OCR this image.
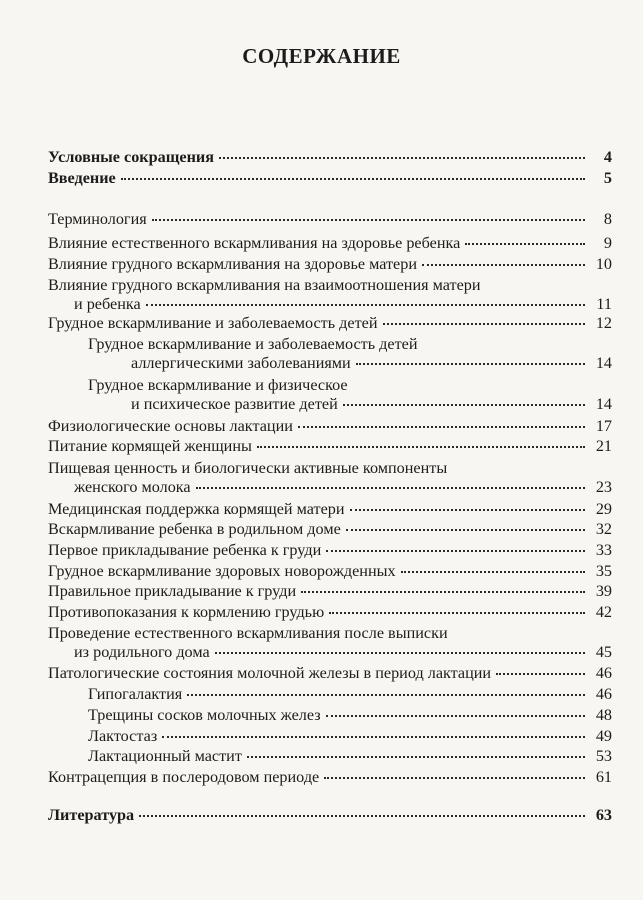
СОДЕРЖАНИЕ
Условные сокращения	4
Введение	5
Терминология	8
Влияние естественного вскармливания на здоровье ребенка	9
Влияние грудного вскармливания на здоровье матери	10
Влияние грудного вскармливания на взаимоотношения матери
и ребенка	11
Грудное вскармливание и заболеваемость детей	12
Грудное вскармливание и заболеваемость детей
аллергическими заболеваниями	14
Грудное вскармливание и физическое
и психическое развитие детей	14
Физиологические основы лактации	17
Питание кормящей женщины	21
Пищевая ценность и биологически активные компоненты
женского молока	23
Медицинская поддержка кормящей матери	29
Вскармливание ребенка в родильном доме	32
Первое прикладывание ребенка к груди	33
Грудное вскармливание здоровых новорожденных	35
Правильное прикладывание к груди	39
Противопоказания к кормлению грудью	42
Проведение естественного вскармливания после выписки
из родильного дома	45
Патологические состояния молочной железы в период лактации	46
Гипогалактия	46
Трещины сосков молочных желез	48
Лактостаз	49
Лактационный мастит	53
Контрацепция в послеродовом периоде	61
Литература	63
